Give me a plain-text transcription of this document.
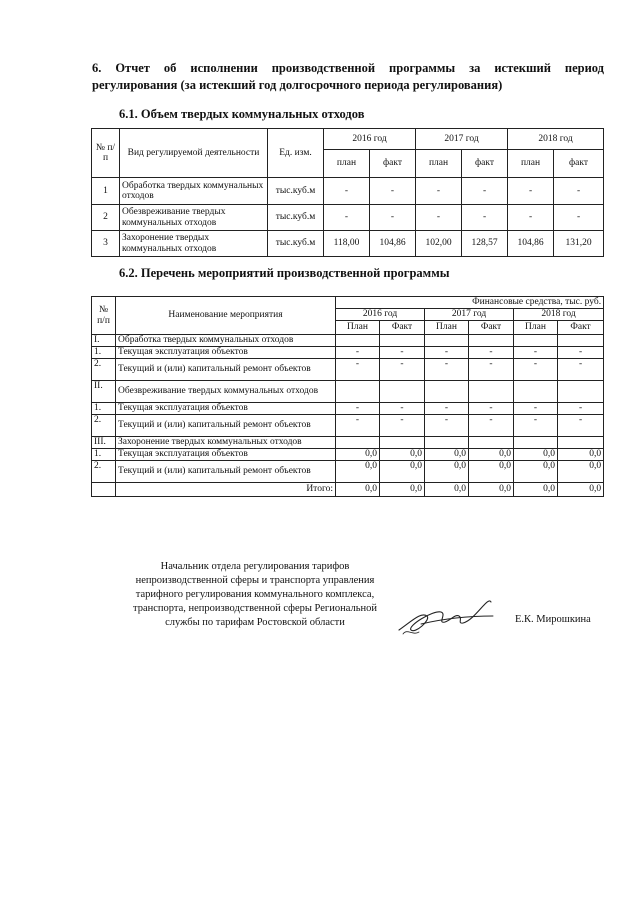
6. Отчет об исполнении производственной программы за истекший период
регулирования (за истекший год долгосрочного периода регулирования)
6.1. Объем твердых коммунальных отходов
№ п/п	Вид регулируемой деятельности	Ед. изм.	2016 год		2017 год		2018 год	
			план	факт	план	факт	план	факт
1	Обработка твердых коммунальных отходов	тыс.куб.м	-	-	-	-	-	-
2	Обезвреживание твердых коммунальных отходов	тыс.куб.м	-	-	-	-	-	-
3	Захоронение твердых коммунальных отходов	тыс.куб.м	118,00	104,86	102,00	128,57	104,86	131,20
6.2. Перечень мероприятий производственной программы
№ п/п	Наименование мероприятия	Финансовые средства, тыс. руб.					
		2016 год		2017 год		2018 год	
		План	Факт	План	Факт	План	Факт
I.	Обработка твердых коммунальных отходов						
1.	Текущая эксплуатация объектов	-	-	-	-	-	-
2.	Текущий и (или) капитальный ремонт объектов	-	-	-	-	-	-
II.	Обезвреживание твердых коммунальных отходов						
1.	Текущая эксплуатация объектов	-	-	-	-	-	-
2.	Текущий и (или) капитальный ремонт объектов	-	-	-	-	-	-
III.	Захоронение твердых коммунальных отходов						
1.	Текущая эксплуатация объектов	0,0	0,0	0,0	0,0	0,0	0,0
2.	Текущий и (или) капитальный ремонт объектов	0,0	0,0	0,0	0,0	0,0	0,0
	Итого:	0,0	0,0	0,0	0,0	0,0	0,0
Начальник отдела регулирования тарифов
непроизводственной сферы и транспорта управления
тарифного регулирования коммунального комплекса,
транспорта, непроизводственной сферы Региональной
службы по тарифам Ростовской области	Е.К. Мирошкина
